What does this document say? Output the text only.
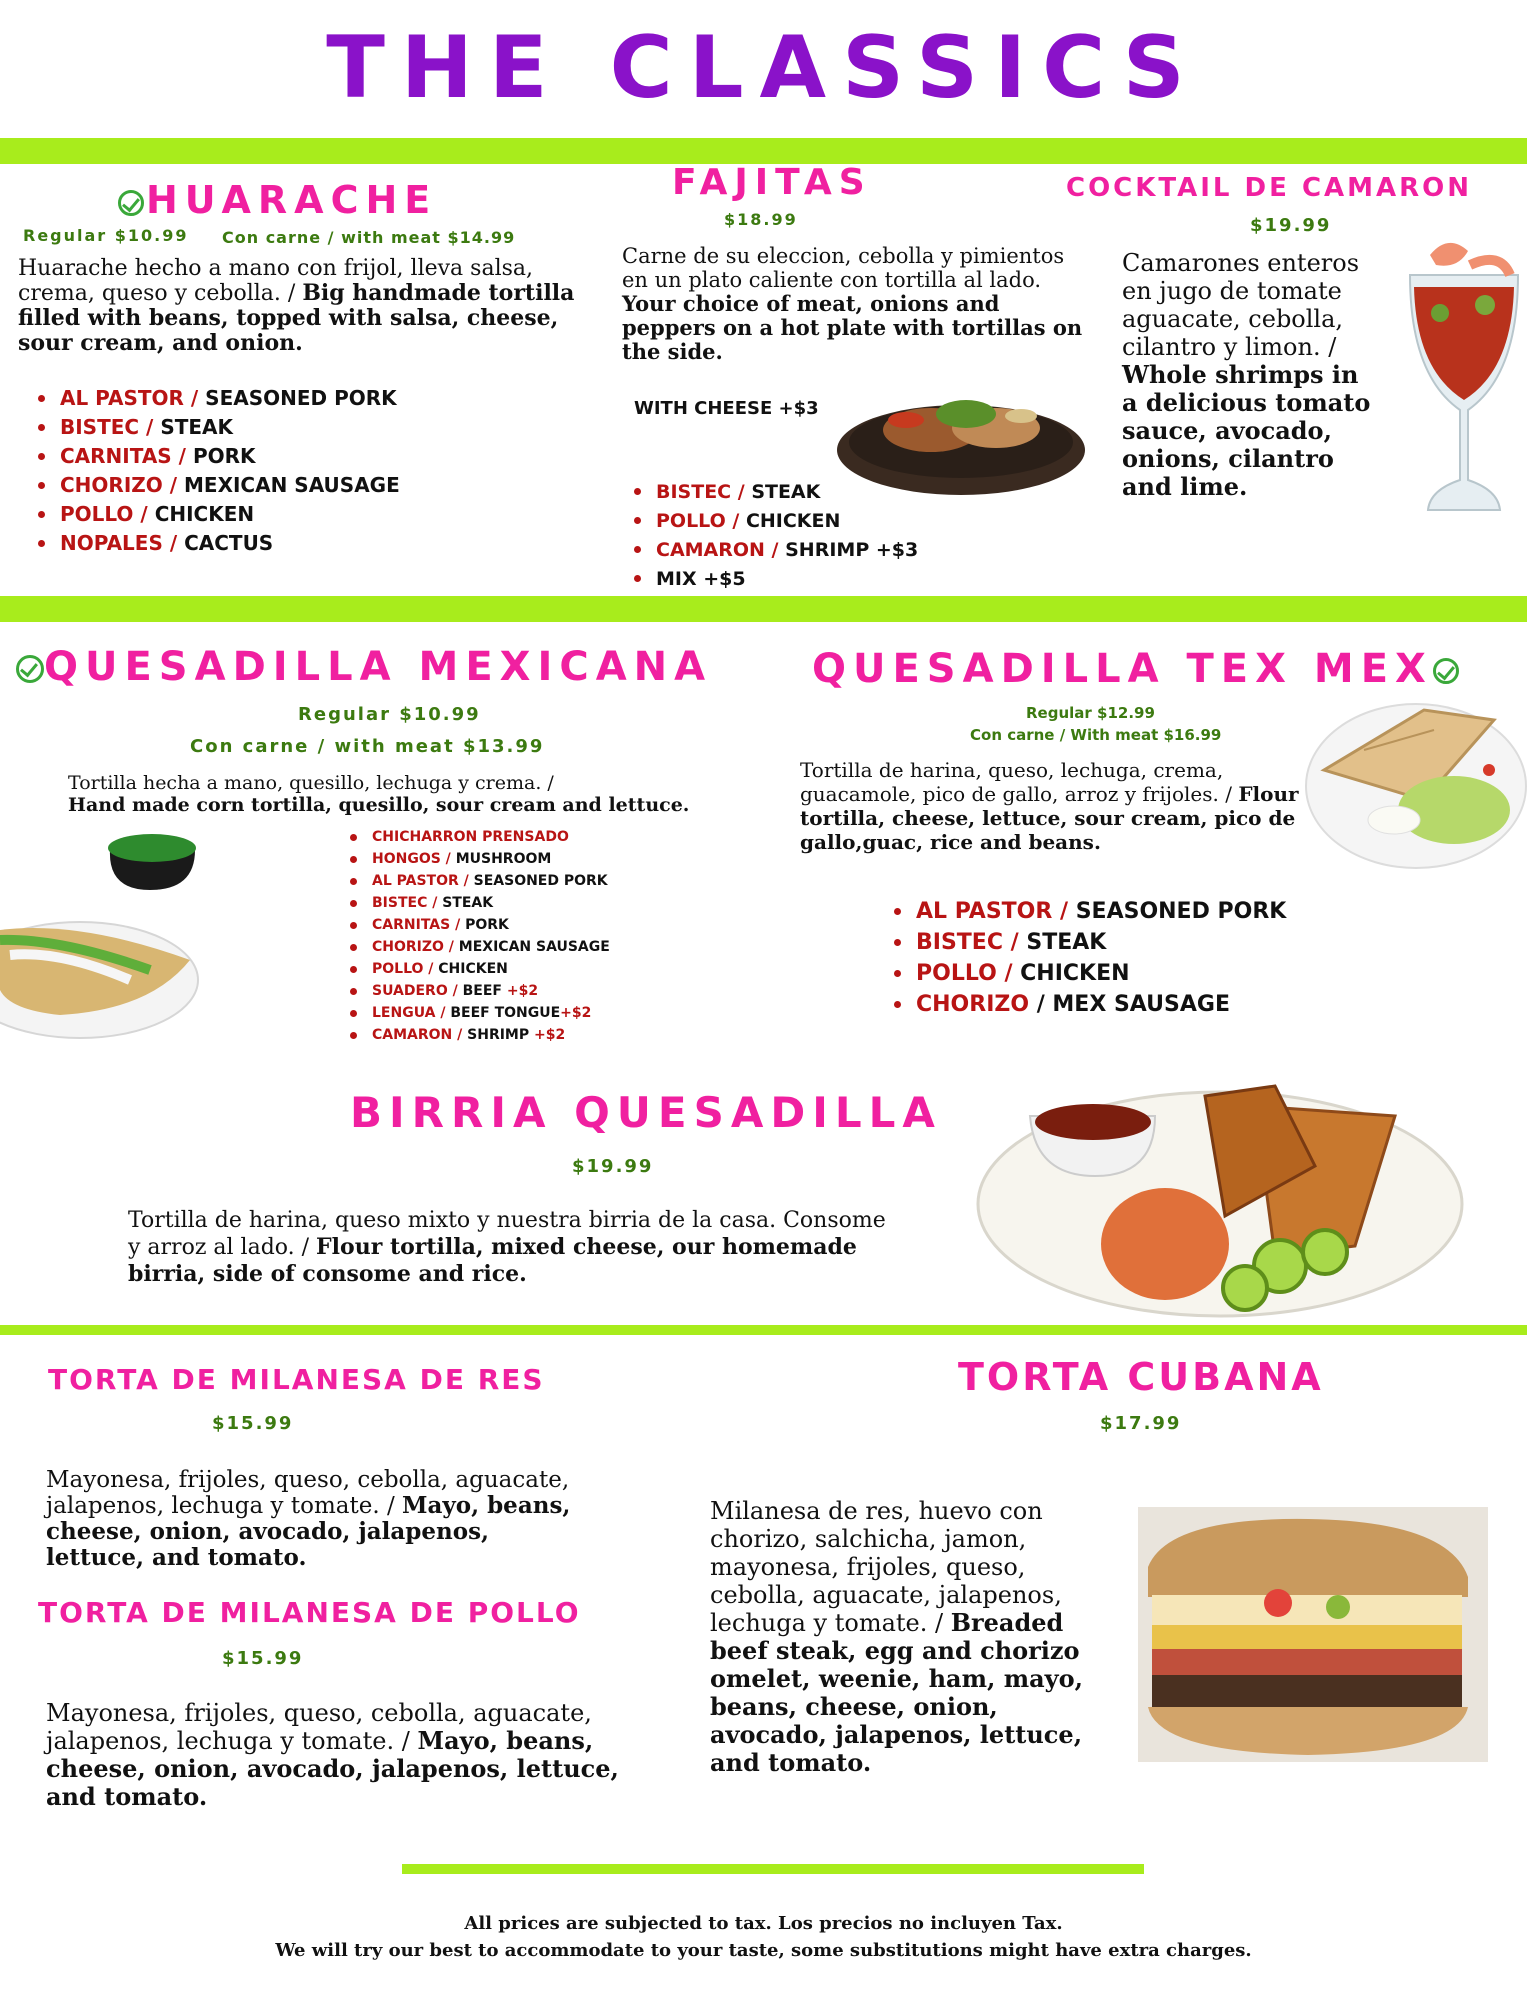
THE CLASSICS
HUARACHE
Regular $10.99 Con carne / with meat $14.99
Huarache hecho a mano con frijol, lleva salsa, crema, queso y cebolla. / Big handmade tortilla filled with beans, topped with salsa, cheese, sour cream, and onion.
AL PASTOR / SEASONED PORK
BISTEC / STEAK
CARNITAS / PORK
CHORIZO / MEXICAN SAUSAGE
POLLO / CHICKEN
NOPALES / CACTUS
FAJITAS
$18.99
Carne de su eleccion, cebolla y pimientos en un plato caliente con tortilla al lado. Your choice of meat, onions and peppers on a hot plate with tortillas on the side.
WITH CHEESE +$3
BISTEC / STEAK
POLLO / CHICKEN
CAMARON / SHRIMP +$3
MIX +$5
COCKTAIL DE CAMARON
$19.99
Camarones enteros en jugo de tomate aguacate, cebolla, cilantro y limon. / Whole shrimps in a delicious tomato sauce, avocado, onions, cilantro and lime.
QUESADILLA MEXICANA
Regular $10.99
Con carne / with meat $13.99
Tortilla hecha a mano, quesillo, lechuga y crema. /
Hand made corn tortilla, quesillo, sour cream and lettuce.
CHICHARRON PRENSADO
HONGOS / MUSHROOM
AL PASTOR / SEASONED PORK
BISTEC / STEAK
CARNITAS / PORK
CHORIZO / MEXICAN SAUSAGE
POLLO / CHICKEN
SUADERO / BEEF +$2
LENGUA / BEEF TONGUE+$2
CAMARON / SHRIMP +$2
QUESADILLA TEX MEX
Regular $12.99
Con carne / With meat $16.99
Tortilla de harina, queso, lechuga, crema, guacamole, pico de gallo, arroz y frijoles. / Flour tortilla, cheese, lettuce, sour cream, pico de gallo,guac, rice and beans.
AL PASTOR / SEASONED PORK
BISTEC / STEAK
POLLO / CHICKEN
CHORIZO / MEX SAUSAGE
BIRRIA QUESADILLA
$19.99
Tortilla de harina, queso mixto y nuestra birria de la casa. Consome y arroz al lado. / Flour tortilla, mixed cheese, our homemade birria, side of consome and rice.
TORTA DE MILANESA DE RES
$15.99
Mayonesa, frijoles, queso, cebolla, aguacate, jalapenos, lechuga y tomate. / Mayo, beans, cheese, onion, avocado, jalapenos, lettuce, and tomato.
TORTA DE MILANESA DE POLLO
$15.99
Mayonesa, frijoles, queso, cebolla, aguacate, jalapenos, lechuga y tomate. / Mayo, beans, cheese, onion, avocado, jalapenos, lettuce, and tomato.
TORTA CUBANA
$17.99
Milanesa de res, huevo con chorizo, salchicha, jamon, mayonesa, frijoles, queso, cebolla, aguacate, jalapenos, lechuga y tomate. / Breaded beef steak, egg and chorizo omelet, weenie, ham, mayo, beans, cheese, onion, avocado, jalapenos, lettuce, and tomato.
All prices are subjected to tax. Los precios no incluyen Tax.
We will try our best to accommodate to your taste, some substitutions might have extra charges.
